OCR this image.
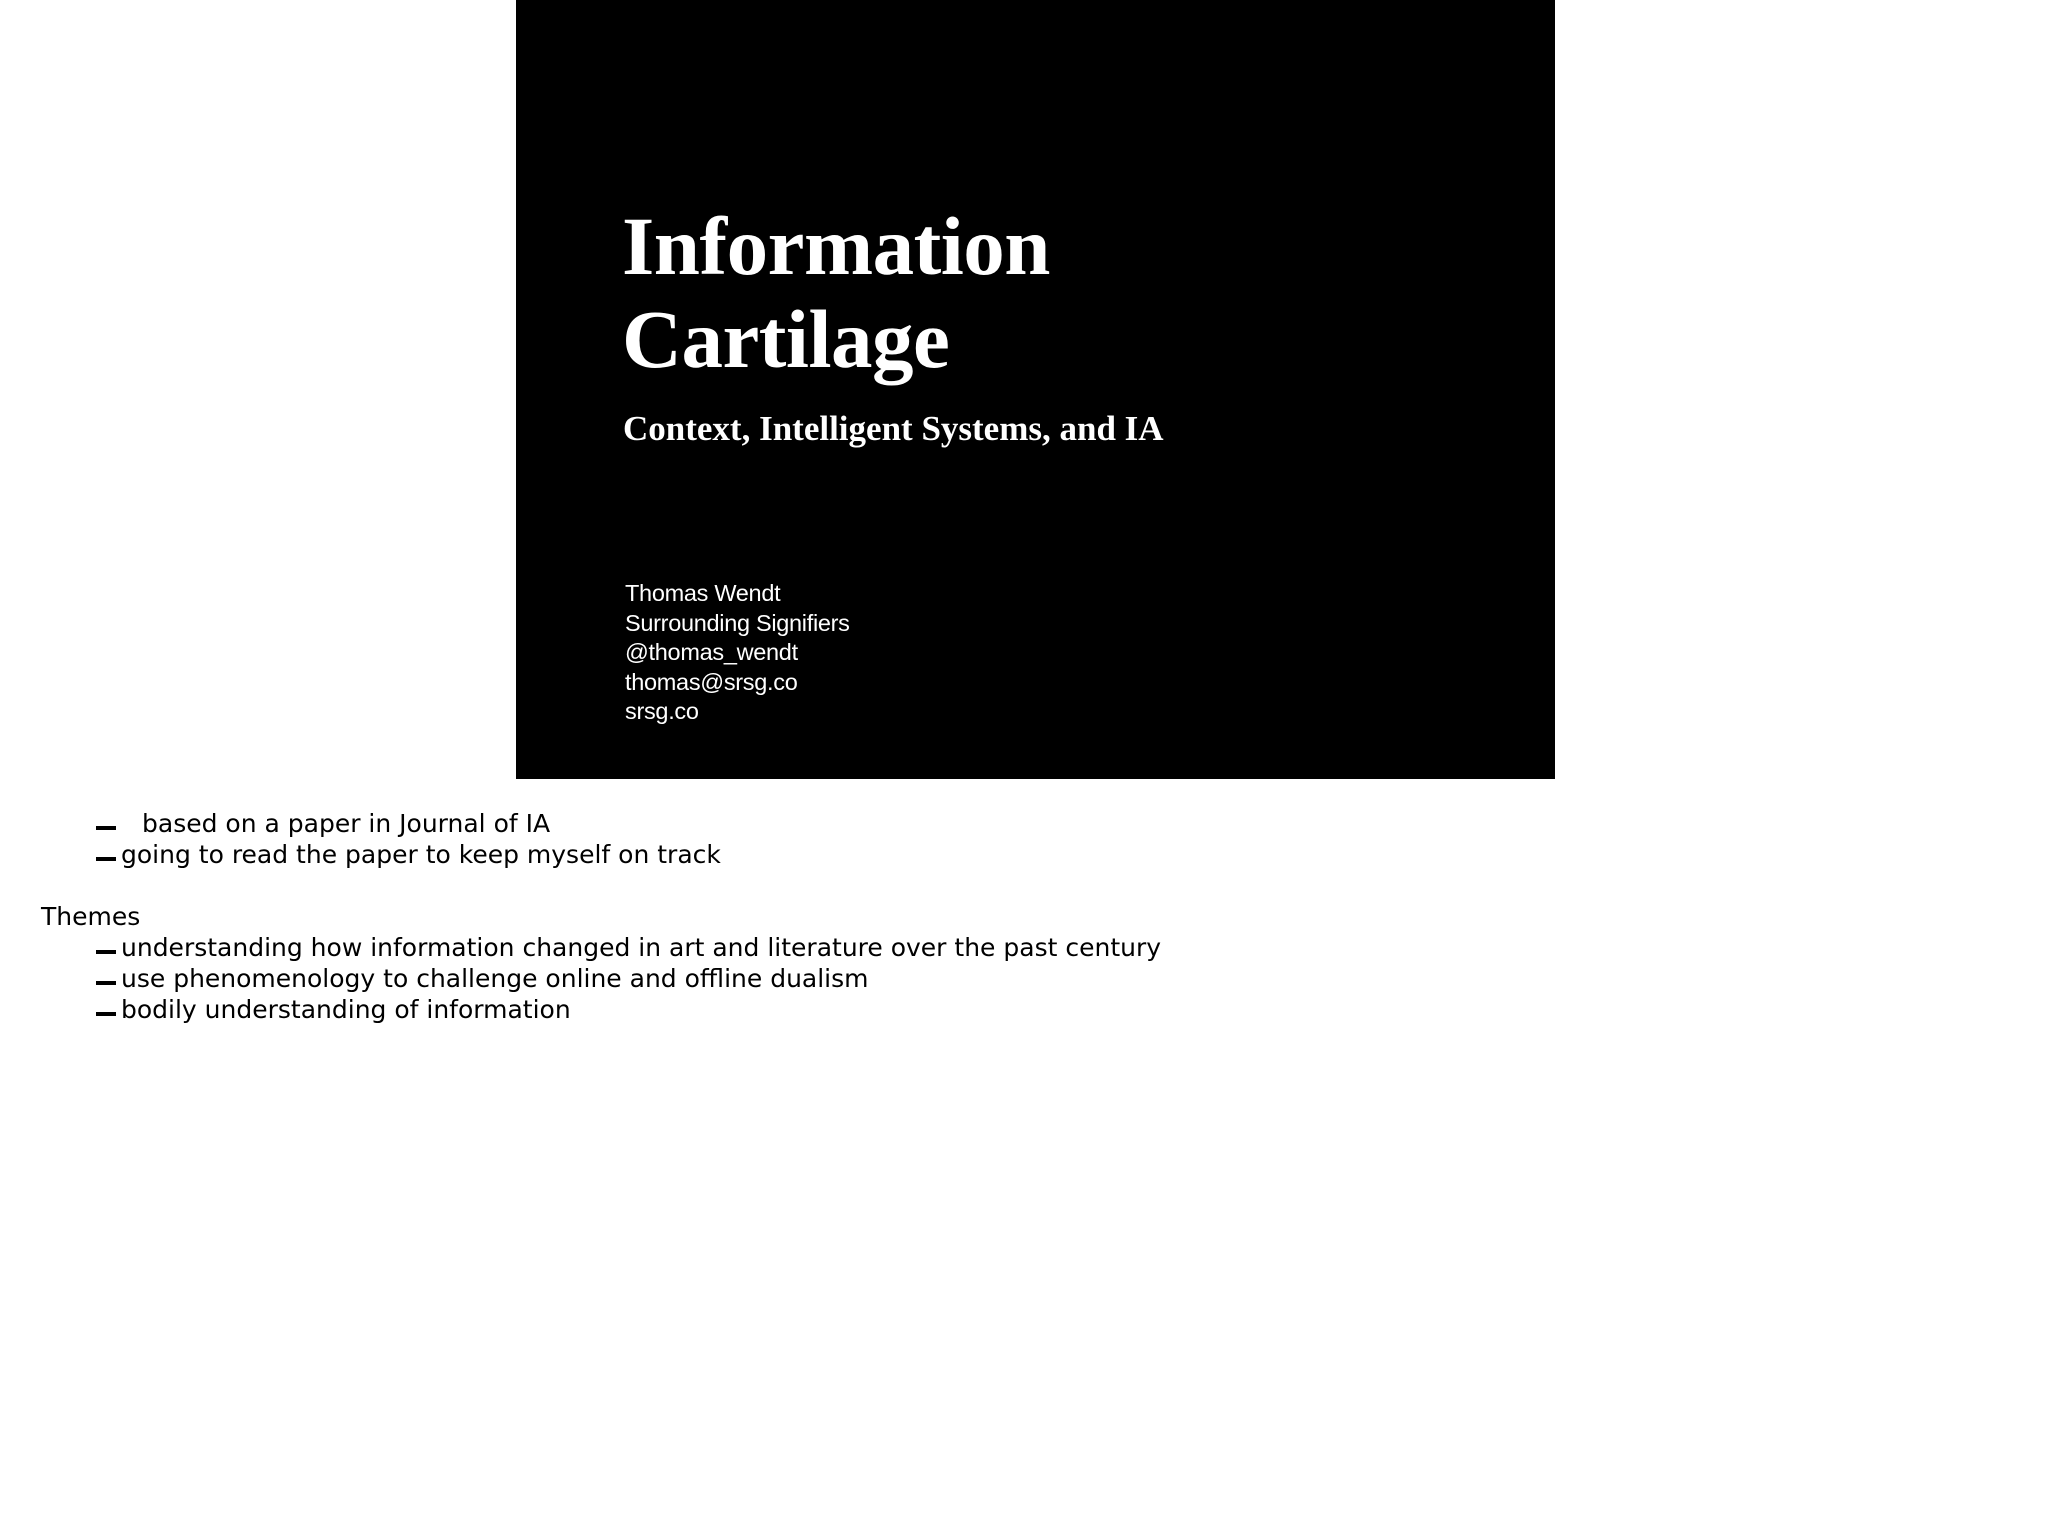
Information
Cartilage
Context, Intelligent Systems, and IA
Thomas Wendt
Surrounding Signifiers
@thomas_wendt
thomas@srsg.co
srsg.co
based on a paper in Journal of IA
going to read the paper to keep myself on track
Themes
understanding how information changed in art and literature over the past century
use phenomenology to challenge online and offline dualism
bodily understanding of information
